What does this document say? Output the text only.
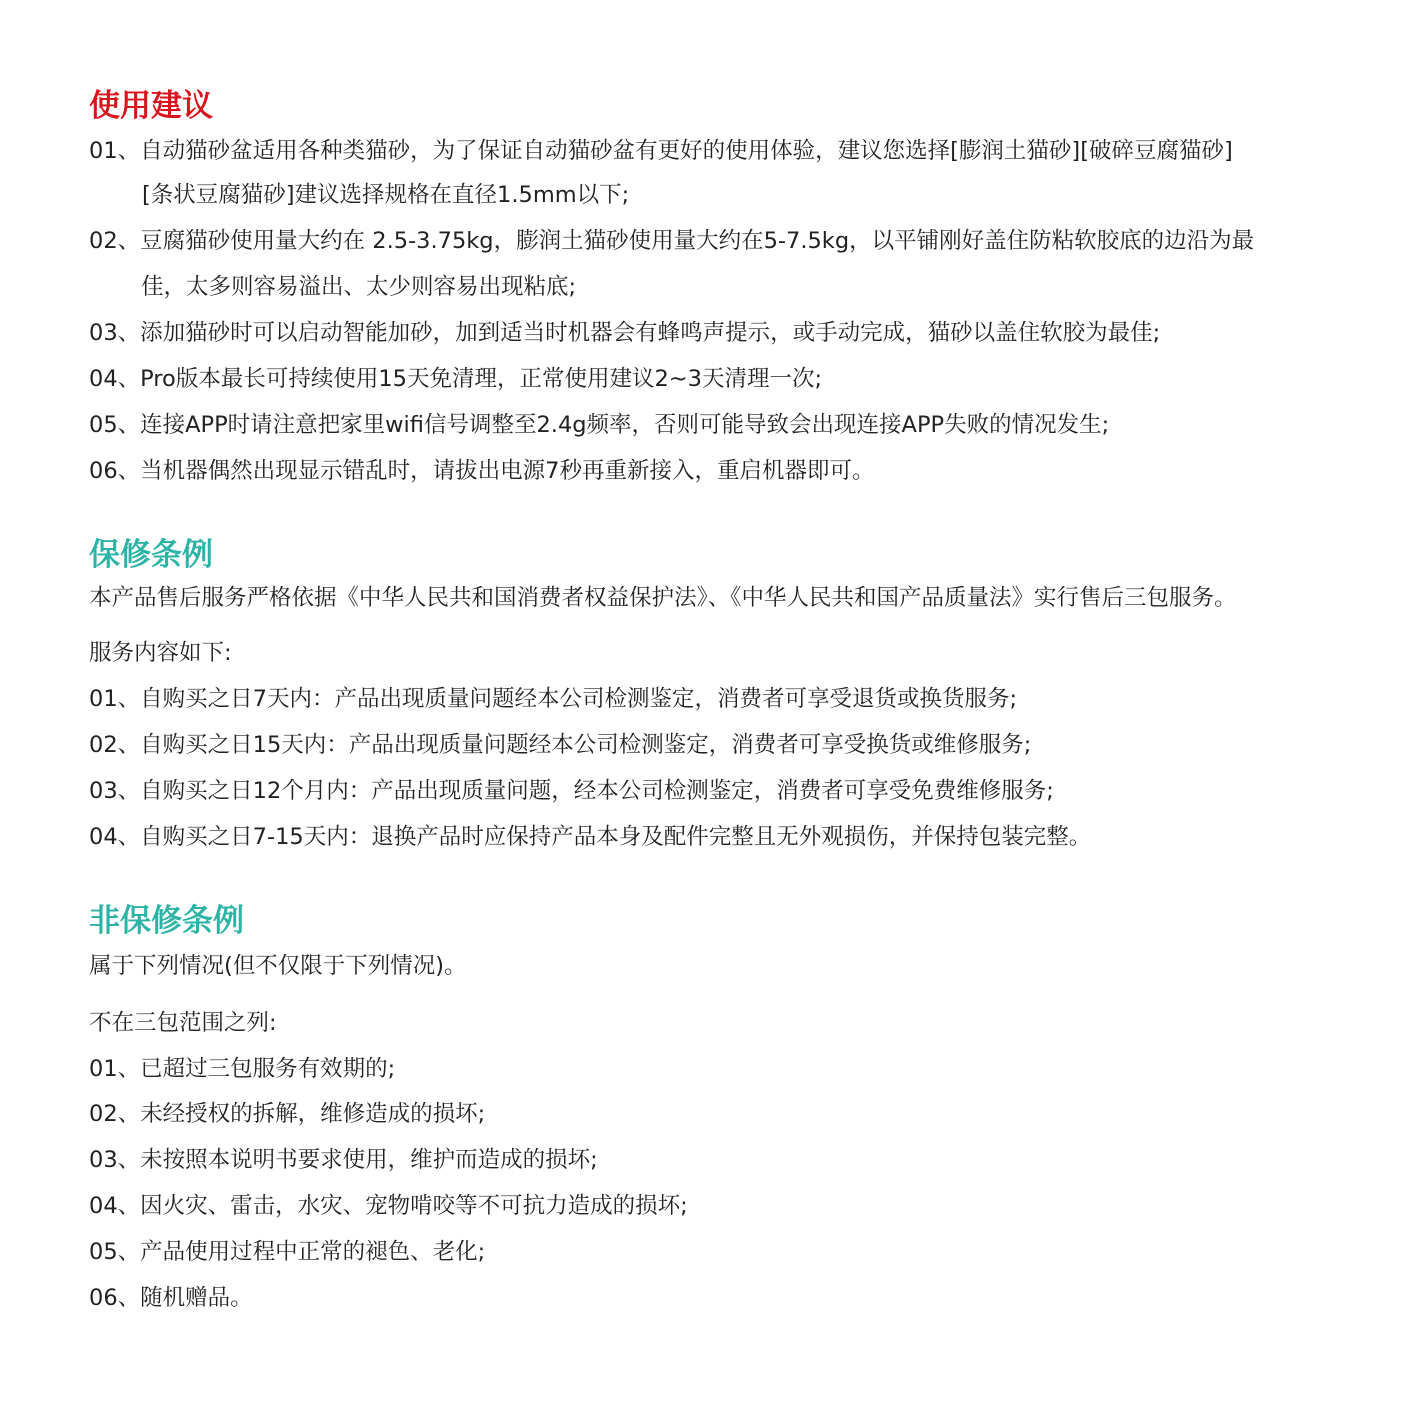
使用建议

01、自动猫砂盆适用各种类猫砂，为了保证自动猫砂盆有更好的使用体验，建议您选择[膨润土猫砂][破碎豆腐猫砂]

[条状豆腐猫砂]建议选择规格在直径1.5mm以下;

02、豆腐猫砂使用量大约在 2.5-3.75kg，膨润土猫砂使用量大约在5-7.5kg，以平铺刚好盖住防粘软胶底的边沿为最

佳，太多则容易溢出、太少则容易出现粘底;

03、添加猫砂时可以启动智能加砂，加到适当时机器会有蜂鸣声提示，或手动完成，猫砂以盖住软胶为最佳;

04、Pro版本最长可持续使用15天免清理，正常使用建议2~3天清理一次;

05、连接APP时请注意把家里wifi信号调整至2.4g频率，否则可能导致会出现连接APP失败的情况发生;

06、当机器偶然出现显示错乱时，请拔出电源7秒再重新接入，重启机器即可。

保修条例

本产品售后服务严格依据《中华人民共和国消费者权益保护法》、《中华人民共和国产品质量法》实行售后三包服务。

服务内容如下:

01、自购买之日7天内：产品出现质量问题经本公司检测鉴定，消费者可享受退货或换货服务;

02、自购买之日15天内：产品出现质量问题经本公司检测鉴定，消费者可享受换货或维修服务;

03、自购买之日12个月内：产品出现质量问题，经本公司检测鉴定，消费者可享受免费维修服务;

04、自购买之日7-15天内：退换产品时应保持产品本身及配件完整且无外观损伤，并保持包装完整。

非保修条例

属于下列情况(但不仅限于下列情况)。

不在三包范围之列:

01、已超过三包服务有效期的;

02、未经授权的拆解，维修造成的损坏;

03、未按照本说明书要求使用，维护而造成的损坏;

04、因火灾、雷击，水灾、宠物啃咬等不可抗力造成的损坏;

05、产品使用过程中正常的褪色、老化;

06、随机赠品。
